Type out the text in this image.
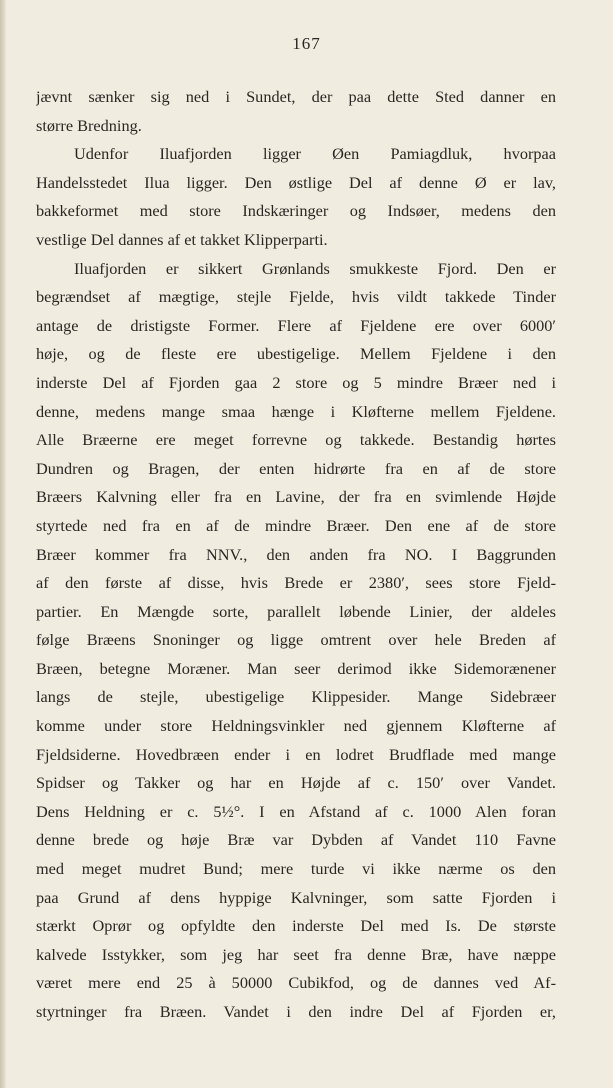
167
jævnt sænker sig ned i Sundet, der paa dette Sted danner en
større Bredning.
Udenfor Iluafjorden ligger Øen Pamiagdluk, hvorpaa
Handelsstedet Ilua ligger. Den østlige Del af denne Ø er lav,
bakkeformet med store Indskæringer og Indsøer, medens den
vestlige Del dannes af et takket Klipperparti.
Iluafjorden er sikkert Grønlands smukkeste Fjord. Den er
begrændset af mægtige, stejle Fjelde, hvis vildt takkede Tinder
antage de dristigste Former. Flere af Fjeldene ere over 6000′
høje, og de fleste ere ubestigelige. Mellem Fjeldene i den
inderste Del af Fjorden gaa 2 store og 5 mindre Bræer ned i
denne, medens mange smaa hænge i Kløfterne mellem Fjeldene.
Alle Bræerne ere meget forrevne og takkede. Bestandig hørtes
Dundren og Bragen, der enten hidrørte fra en af de store
Bræers Kalvning eller fra en Lavine, der fra en svimlende Højde
styrtede ned fra en af de mindre Bræer. Den ene af de store
Bræer kommer fra NNV., den anden fra NO. I Baggrunden
af den første af disse, hvis Brede er 2380′, sees store Fjeld-
partier. En Mængde sorte, parallelt løbende Linier, der aldeles
følge Bræens Snoninger og ligge omtrent over hele Breden af
Bræen, betegne Moræner. Man seer derimod ikke Sidemorænener
langs de stejle, ubestigelige Klippesider. Mange Sidebræer
komme under store Heldningsvinkler ned gjennem Kløfterne af
Fjeldsiderne. Hovedbræen ender i en lodret Brudflade med mange
Spidser og Takker og har en Højde af c. 150′ over Vandet.
Dens Heldning er c. 5½°. I en Afstand af c. 1000 Alen foran
denne brede og høje Bræ var Dybden af Vandet 110 Favne
med meget mudret Bund; mere turde vi ikke nærme os den
paa Grund af dens hyppige Kalvninger, som satte Fjorden i
stærkt Oprør og opfyldte den inderste Del med Is. De største
kalvede Isstykker, som jeg har seet fra denne Bræ, have næppe
været mere end 25 à 50000 Cubikfod, og de dannes ved Af-
styrtninger fra Bræen. Vandet i den indre Del af Fjorden er,
